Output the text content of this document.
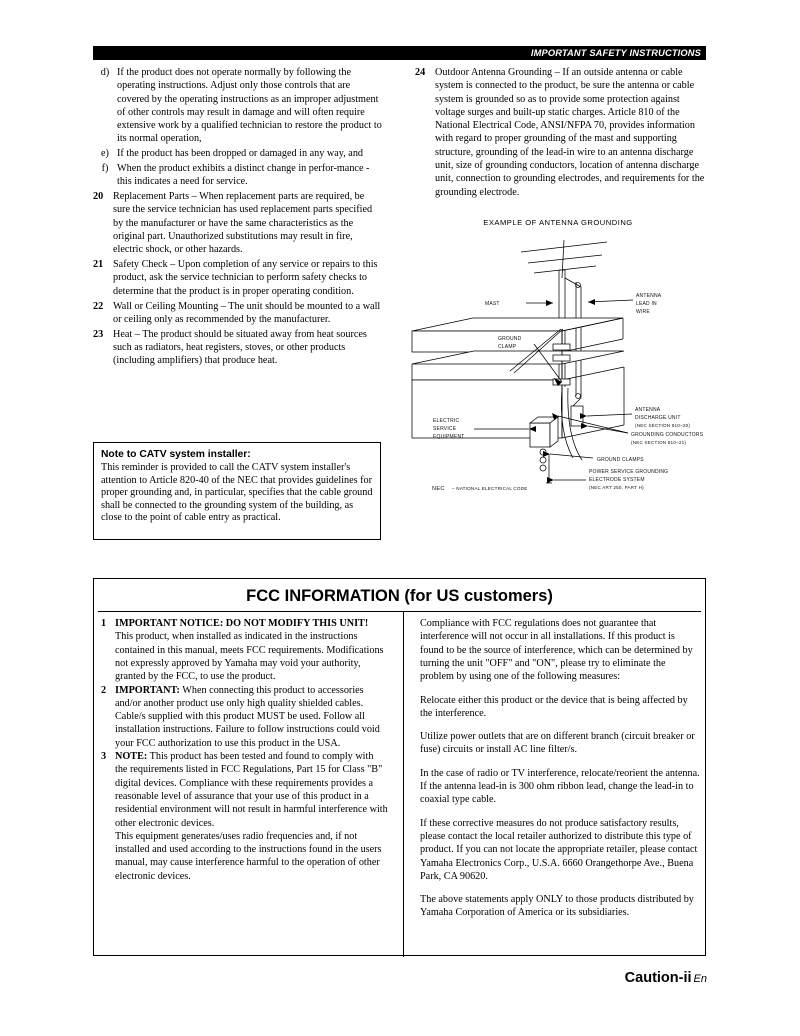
IMPORTANT SAFETY INSTRUCTIONS
d) If the product does not operate normally by following the operating instructions. Adjust only those controls that are covered by the operating instructions as an improper adjustment of other controls may result in damage and will often require extensive work by a qualified technician to restore the product to its normal operation,
e) If the product has been dropped or damaged in any way, and
f) When the product exhibits a distinct change in perfor-mance - this indicates a need for service.
20 Replacement Parts – When replacement parts are required, be sure the service technician has used replacement parts specified by the manufacturer or have the same characteristics as the original part. Unauthorized substitutions may result in fire, electric shock, or other hazards.
21 Safety Check – Upon completion of any service or repairs to this product, ask the service technician to perform safety checks to determine that the product is in proper operating condition.
22 Wall or Ceiling Mounting – The unit should be mounted to a wall or ceiling only as recommended by the manufacturer.
23 Heat – The product should be situated away from heat sources such as radiators, heat registers, stoves, or other products (including amplifiers) that produce heat.
24 Outdoor Antenna Grounding – If an outside antenna or cable system is connected to the product, be sure the antenna or cable system is grounded so as to provide some protection against voltage surges and built-up static charges. Article 810 of the National Electrical Code, ANSI/NFPA 70, provides information with regard to proper grounding of the mast and supporting structure, grounding of the lead-in wire to an antenna discharge unit, size of grounding conductors, location of antenna discharge unit, connection to grounding electrodes, and requirements for the grounding electrode.
Note to CATV system installer:
This reminder is provided to call the CATV system installer's attention to Article 820-40 of the NEC that provides guidelines for proper grounding and, in particular, specifies that the cable ground shall be connected to the grounding system of the building, as close to the point of cable entry as practical.
EXAMPLE OF ANTENNA GROUNDING
MAST
ANTENNA
LEAD IN
WIRE
GROUND
CLAMP
ELECTRIC
SERVICE
EQUIPMENT
ANTENNA
DISCHARGE UNIT
(NEC SECTION 810–20)
GROUNDING CONDUCTORS
(NEC SECTION 810–21)
GROUND CLAMPS
POWER SERVICE GROUNDING
ELECTRODE SYSTEM
(NEC ART 250, PART H)
NEC – NATIONAL ELECTRICAL CODE
FCC INFORMATION (for US customers)
1 IMPORTANT NOTICE: DO NOT MODIFY THIS UNIT!
This product, when installed as indicated in the instructions contained in this manual, meets FCC requirements. Modifications not expressly approved by Yamaha may void your authority, granted by the FCC, to use the product.
2 IMPORTANT: When connecting this product to accessories and/or another product use only high quality shielded cables. Cable/s supplied with this product MUST be used. Follow all installation instructions. Failure to follow instructions could void your FCC authorization to use this product in the USA.
3 NOTE: This product has been tested and found to comply with the requirements listed in FCC Regulations, Part 15 for Class "B" digital devices. Compliance with these requirements provides a reasonable level of assurance that your use of this product in a residential environment will not result in harmful interference with other electronic devices.
This equipment generates/uses radio frequencies and, if not installed and used according to the instructions found in the users manual, may cause interference harmful to the operation of other electronic devices.
Compliance with FCC regulations does not guarantee that interference will not occur in all installations. If this product is found to be the source of interference, which can be determined by turning the unit "OFF" and "ON", please try to eliminate the problem by using one of the following measures:
Relocate either this product or the device that is being affected by the interference.
Utilize power outlets that are on different branch (circuit breaker or fuse) circuits or install AC line filter/s.
In the case of radio or TV interference, relocate/reorient the antenna. If the antenna lead-in is 300 ohm ribbon lead, change the lead-in to coaxial type cable.
If these corrective measures do not produce satisfactory results, please contact the local retailer authorized to distribute this type of product. If you can not locate the appropriate retailer, please contact Yamaha Electronics Corp., U.S.A. 6660 Orangethorpe Ave., Buena Park, CA 90620.
The above statements apply ONLY to those products distributed by Yamaha Corporation of America or its subsidiaries.
Caution-ii En
